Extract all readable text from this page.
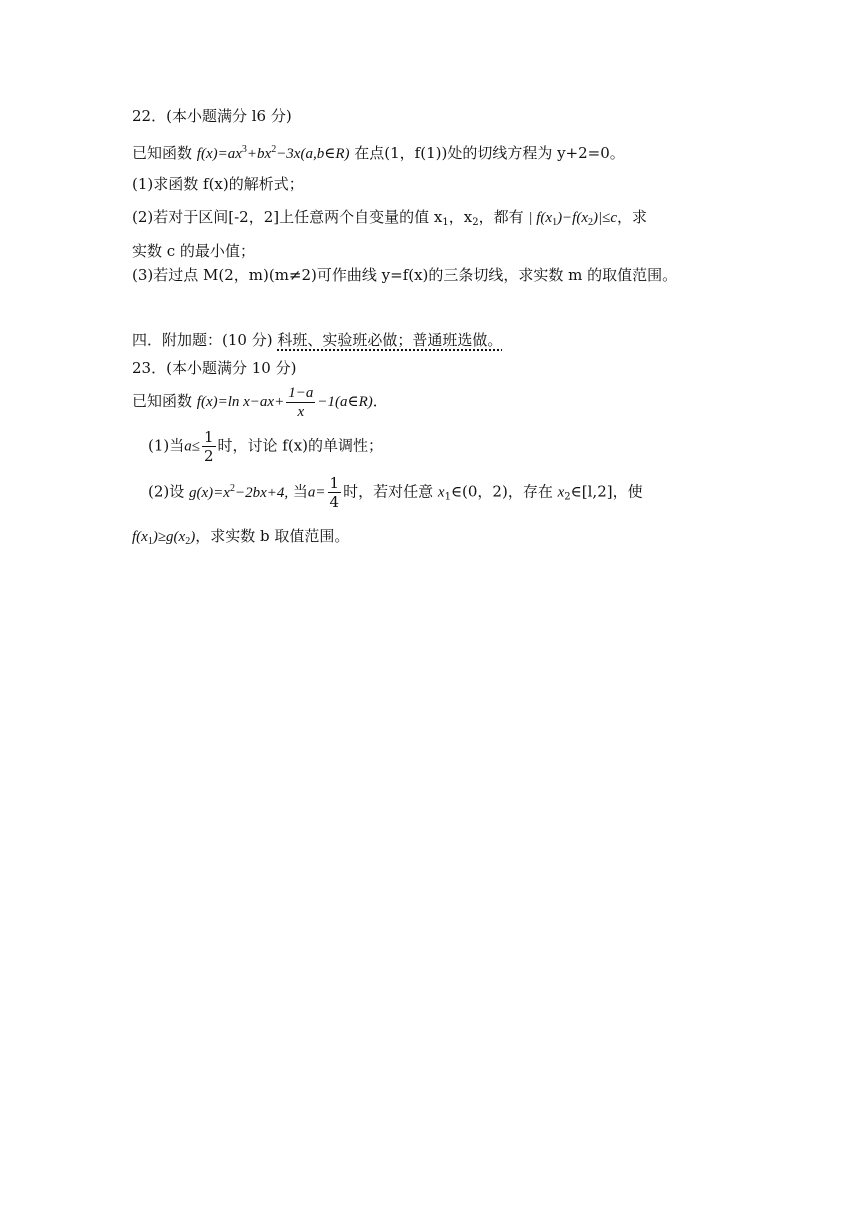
22．(本小题满分 l6 分)
已知函数 $f(x)=ax^3+bx^2-3x(a,b\in R)$ 在点(1，f(1))处的切线方程为 y+2=0。
(1)求函数 f(x)的解析式；
(2)若对于区间[-2，2]上任意两个自变量的值 $x_1$，$x_2$，都有 | $f(x_1)-f(x_2)|\le c$，求
实数 c 的最小值；
(3)若过点 M(2，m)(m≠2)可作曲线 y=f(x)的三条切线，求实数 m 的取值范围。
四．附加题：(10 分) 科班、实验班必做；普通班选做。
23．(本小题满分 10 分)
已知函数 f(x)=ln $x-ax+ \frac{1-a}{x}$ −1(a∈R)．
(1)当$a\le \frac{1}{2}$ 时，讨论 f(x)的单调性；
(2)设 $g(x)=x^2-2bx+4$, 当$a= \frac{1}{4}$ 时，若对任意 $x_1\in(0$，2)，存在 $x_2\in[l,2]$，使
$f(x_1)\ge g(x_2)$，求实数 b 取值范围。
